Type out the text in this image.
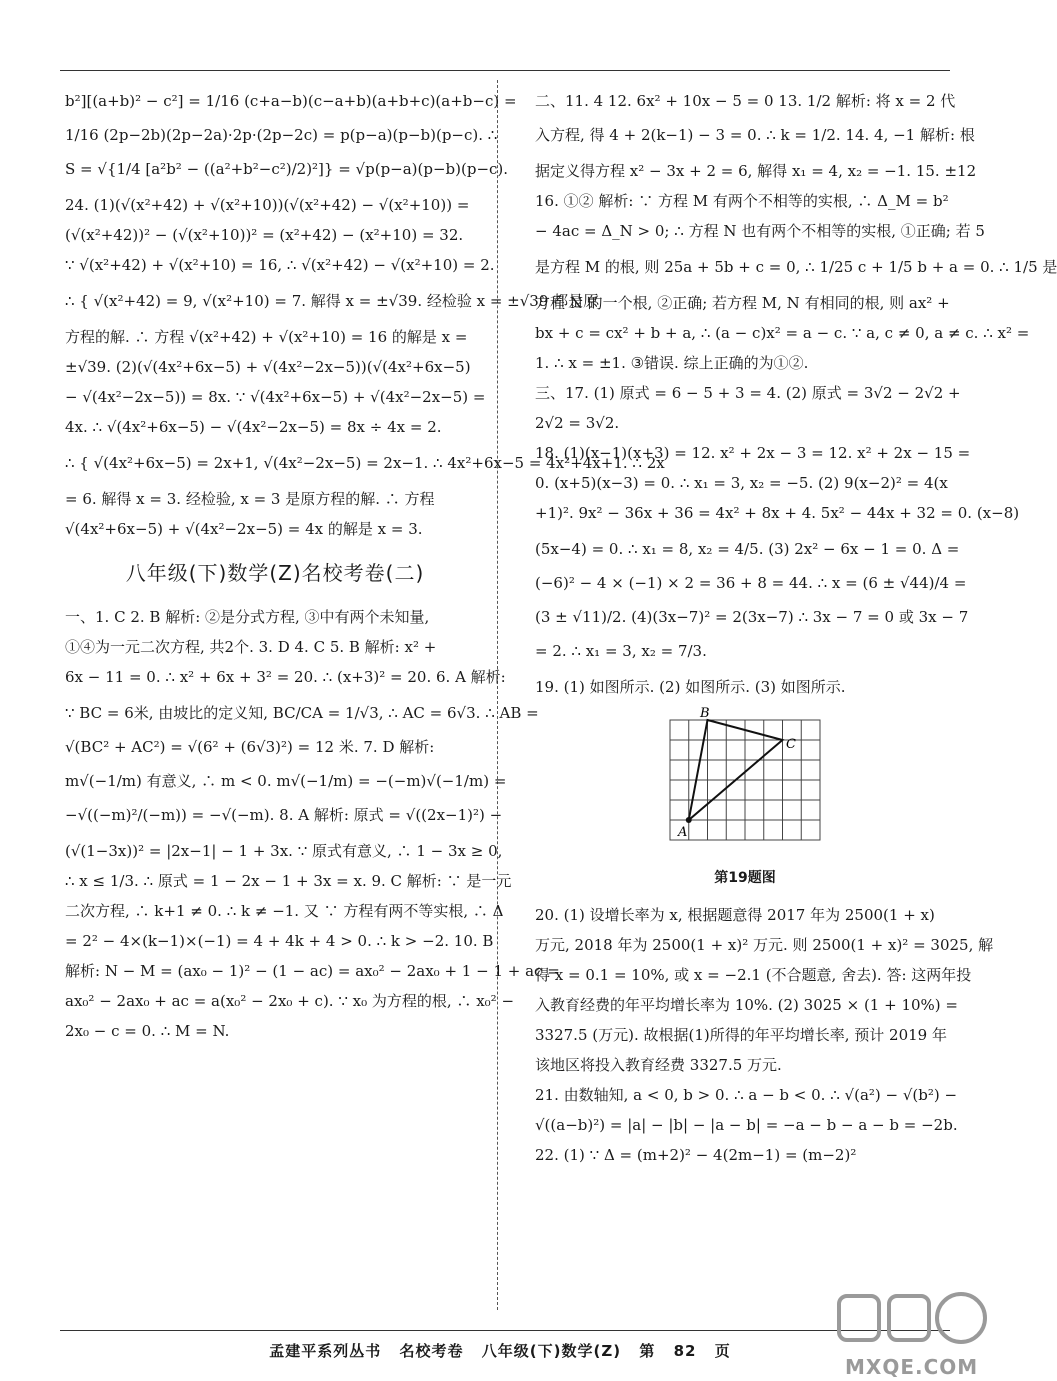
b²][(a+b)² − c²] = 1/16 (c+a−b)(c−a+b)(a+b+c)(a+b−c) =

1/16 (2p−2b)(2p−2a)·2p·(2p−2c) = p(p−a)(p−b)(p−c). ∴

S = √{1/4 [a²b² − ((a²+b²−c²)/2)²]} = √p(p−a)(p−b)(p−c).

24. (1)(√(x²+42) + √(x²+10))(√(x²+42) − √(x²+10)) =

(√(x²+42))² − (√(x²+10))² = (x²+42) − (x²+10) = 32.

∵ √(x²+42) + √(x²+10) = 16, ∴ √(x²+42) − √(x²+10) = 2.

∴ { √(x²+42) = 9, √(x²+10) = 7. 解得 x = ±√39. 经检验 x = ±√39 都是原

方程的解. ∴ 方程 √(x²+42) + √(x²+10) = 16 的解是 x =

±√39. (2)(√(4x²+6x−5) + √(4x²−2x−5))(√(4x²+6x−5)

− √(4x²−2x−5)) = 8x. ∵ √(4x²+6x−5) + √(4x²−2x−5) =

4x. ∴ √(4x²+6x−5) − √(4x²−2x−5) = 8x ÷ 4x = 2.

∴ { √(4x²+6x−5) = 2x+1, √(4x²−2x−5) = 2x−1. ∴ 4x²+6x−5 = 4x²+4x+1. ∴ 2x

= 6. 解得 x = 3. 经检验, x = 3 是原方程的解. ∴ 方程

√(4x²+6x−5) + √(4x²−2x−5) = 4x 的解是 x = 3.

八年级(下)数学(Z)名校考卷(二)

一、1. C 2. B 解析: ②是分式方程, ③中有两个未知量,

①④为一元二次方程, 共2个. 3. D 4. C 5. B 解析: x² +

6x − 11 = 0. ∴ x² + 6x + 3² = 20. ∴ (x+3)² = 20. 6. A 解析:

∵ BC = 6米, 由坡比的定义知, BC/CA = 1/√3, ∴ AC = 6√3. ∴ AB =

√(BC² + AC²) = √(6² + (6√3)²) = 12 米. 7. D 解析:

m√(−1/m) 有意义, ∴ m < 0. m√(−1/m) = −(−m)√(−1/m) =

−√((−m)²/(−m)) = −√(−m). 8. A 解析: 原式 = √((2x−1)²) −

(√(1−3x))² = |2x−1| − 1 + 3x. ∵ 原式有意义, ∴ 1 − 3x ≥ 0,

∴ x ≤ 1/3. ∴ 原式 = 1 − 2x − 1 + 3x = x. 9. C 解析: ∵ 是一元

二次方程, ∴ k+1 ≠ 0. ∴ k ≠ −1. 又 ∵ 方程有两不等实根, ∴ Δ

= 2² − 4×(k−1)×(−1) = 4 + 4k + 4 > 0. ∴ k > −2. 10. B

解析: N − M = (ax₀ − 1)² − (1 − ac) = ax₀² − 2ax₀ + 1 − 1 + ac =

ax₀² − 2ax₀ + ac = a(x₀² − 2x₀ + c). ∵ x₀ 为方程的根, ∴ x₀² −

2x₀ − c = 0. ∴ M = N.

二、11. 4 12. 6x² + 10x − 5 = 0 13. 1/2 解析: 将 x = 2 代

入方程, 得 4 + 2(k−1) − 3 = 0. ∴ k = 1/2. 14. 4, −1 解析: 根

据定义得方程 x² − 3x + 2 = 6, 解得 x₁ = 4, x₂ = −1. 15. ±12

16. ①② 解析: ∵ 方程 M 有两个不相等的实根, ∴ Δ_M = b²

− 4ac = Δ_N > 0; ∴ 方程 N 也有两个不相等的实根, ①正确; 若 5

是方程 M 的根, 则 25a + 5b + c = 0, ∴ 1/25 c + 1/5 b + a = 0. ∴ 1/5 是

方程 N 的一个根, ②正确; 若方程 M, N 有相同的根, 则 ax² +

bx + c = cx² + b + a, ∴ (a − c)x² = a − c. ∵ a, c ≠ 0, a ≠ c. ∴ x² =

1. ∴ x = ±1. ③错误. 综上正确的为①②.

三、17. (1) 原式 = 6 − 5 + 3 = 4. (2) 原式 = 3√2 − 2√2 +

2√2 = 3√2.

18. (1)(x−1)(x+3) = 12. x² + 2x − 3 = 12. x² + 2x − 15 =

0. (x+5)(x−3) = 0. ∴ x₁ = 3, x₂ = −5. (2) 9(x−2)² = 4(x

+1)². 9x² − 36x + 36 = 4x² + 8x + 4. 5x² − 44x + 32 = 0. (x−8)

(5x−4) = 0. ∴ x₁ = 8, x₂ = 4/5. (3) 2x² − 6x − 1 = 0. Δ =

(−6)² − 4 × (−1) × 2 = 36 + 8 = 44. ∴ x = (6 ± √44)/4 =

(3 ± √11)/2. (4)(3x−7)² = 2(3x−7) ∴ 3x − 7 = 0 或 3x − 7

= 2. ∴ x₁ = 3, x₂ = 7/3.

19. (1) 如图所示. (2) 如图所示. (3) 如图所示.

A
B
C
第19题图

20. (1) 设增长率为 x, 根据题意得 2017 年为 2500(1 + x)

万元, 2018 年为 2500(1 + x)² 万元. 则 2500(1 + x)² = 3025, 解

得 x = 0.1 = 10%, 或 x = −2.1 (不合题意, 舍去). 答: 这两年投

入教育经费的年平均增长率为 10%. (2) 3025 × (1 + 10%) =

3327.5 (万元). 故根据(1)所得的年平均增长率, 预计 2019 年

该地区将投入教育经费 3327.5 万元.

21. 由数轴知, a < 0, b > 0. ∴ a − b < 0. ∴ √(a²) − √(b²) −

√((a−b)²) = |a| − |b| − |a − b| = −a − b − a − b = −2b.

22. (1) ∵ Δ = (m+2)² − 4(2m−1) = (m−2)²

孟建平系列丛书 名校考卷 八年级(下)数学(Z) 第 82 页
MXQE.COM
